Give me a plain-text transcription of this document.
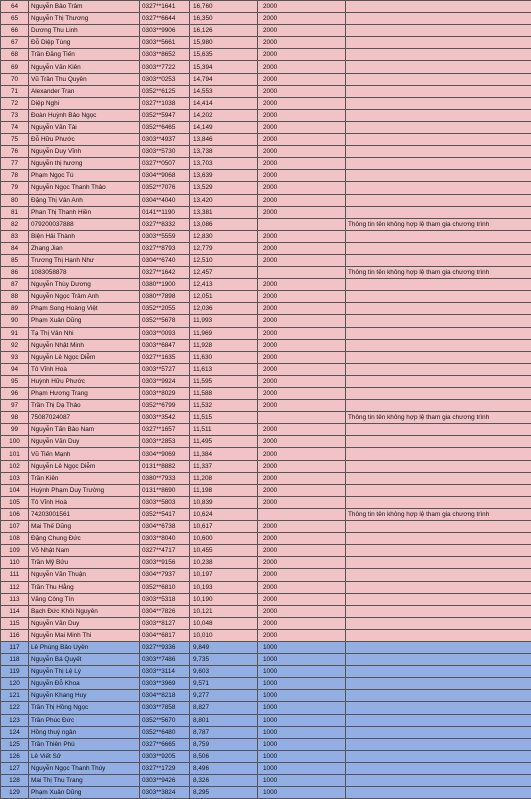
64	Nguyễn Bảo Trâm	0327**1641	16,760	2000	
65	Nguyễn Thị Thương	0327**6644	16,350	2000	
66	Dương Thu Linh	0303**9906	16,126	2000	
67	Đỗ Diệp Tùng	0303**5661	15,980	2000	
68	Trần Đăng Tiến	0303**8652	15,635	2000	
69	Nguyễn Văn Kiên	0303**7722	15,394	2000	
70	Vũ Trần Thu Quyên	0303**0253	14,794	2000	
71	Alexander Tran	0352**6125	14,553	2000	
72	Diệp Nghi	0327**1038	14,414	2000	
73	Đoàn Huỳnh Bảo Ngọc	0352**5947	14,202	2000	
74	Nguyễn Văn Tài	0352**6465	14,149	2000	
75	Đỗ Hữu Phước	0303**4937	13,846	2000	
76	Nguyễn Duy Vĩnh	0303**5730	13,738	2000	
77	Nguyễn thị hương	0327**0507	13,703	2000	
78	Phạm Ngọc Tú	0304**9068	13,639	2000	
79	Nguyễn Ngọc Thanh Thảo	0352**7076	13,529	2000	
80	Đặng Thị Vân Anh	0304**4040	13,420	2000	
81	Phan Thị Thanh Hiền	0141**1190	13,381	2000	
82	079200037888	0327**8332	13,086		Thông tin tên không hợp lệ tham gia chương trình
83	Biện Hải Thành	0303**5559	12,830	2000	
84	Zhang Jian	0327**8793	12,779	2000	
85	Trương Thị Hạnh Như	0304**6740	12,510	2000	
86	1083058878	0327**1642	12,457		Thông tin tên không hợp lệ tham gia chương trình
87	Nguyễn Thùy Dương	0380**1900	12,413	2000	
88	Nguyễn Ngọc Trâm Anh	0380**7898	12,051	2000	
89	Phạm Song Hoàng Việt	0352**2055	12,036	2000	
90	Phạm Xuân Dũng	0352**5678	11,993	2000	
91	Tạ Thị Vân Nhi	0303**0093	11,969	2000	
92	Nguyễn Nhật Minh	0303**6847	11,928	2000	
93	Nguyễn Lê Ngọc Diễm	0327**1635	11,630	2000	
94	Tô Vĩnh Hoà	0303**5727	11,613	2000	
95	Huỳnh Hữu Phước	0303**9924	11,595	2000	
96	Phạm Hương Trang	0303**8029	11,588	2000	
97	Trần Thị Dạ Thảo	0352**6799	11,532	2000	
98	75087024087	0303**3542	11,515		Thông tin tên không hợp lệ tham gia chương trình
99	Nguyễn Tấn Bảo Nam	0327**1657	11,511	2000	
100	Nguyễn Văn Duy	0303**2853	11,495	2000	
101	Vũ Tiến Mạnh	0304**9069	11,384	2000	
102	Nguyễn Lê Ngọc Diễm	0131**8882	11,337	2000	
103	Trần Kiên	0380**7933	11,208	2000	
104	Huỳnh Phạm Duy Trường	0131**8690	11,198	2000	
105	Tô Vĩnh Hoà	0303**5803	10,839	2000	
106	74203001561	0352**5417	10,624		Thông tin tên không hợp lệ tham gia chương trình
107	Mai Thế Dũng	0304**6738	10,617	2000	
108	Đặng Chung Đức	0303**8040	10,600	2000	
109	Võ Nhật Nam	0327**4717	10,455	2000	
110	Trần Mỹ Bửu	0303**9156	10,238	2000	
111	Nguyễn Văn Thuận	0304**7937	10,197	2000	
112	Trần Thu Hằng	0352**6810	10,193	2000	
113	Văng Công Tín	0303**5318	10,190	2000	
114	Bạch Đức Khôi Nguyên	0304**7826	10,121	2000	
115	Nguyễn Văn Duy	0303**8127	10,048	2000	
116	Nguyễn Mai Minh Thi	0304**6817	10,010	2000	
117	Lê Phùng Bảo Uyên	0327**9336	9,849	1000	
118	Nguyễn Bá Quyết	0303**7486	9,735	1000	
119	Nguyễn Thị Lệ Lý	0303**3114	9,603	1000	
120	Nguyễn Đỗ Khoa	0303**3969	9,571	1000	
121	Nguyễn Khang Huy	0304**8218	9,277	1000	
122	Trần Thị Hồng Ngọc	0303**7858	8,827	1000	
123	Trần Phúc Đức	0352**5670	8,801	1000	
124	Hồng thuý ngân	0352**6480	8,787	1000	
125	Trần Thiên Phú	0327**6665	8,759	1000	
126	Lê Viết Sử	0303**9205	8,506	1000	
127	Nguyễn Ngọc Thanh Thúy	0327**1729	8,496	1000	
128	Mai Thị Thu Trang	0303**9426	8,326	1000	
129	Phạm Xuân Dũng	0303**3824	8,295	1000	
